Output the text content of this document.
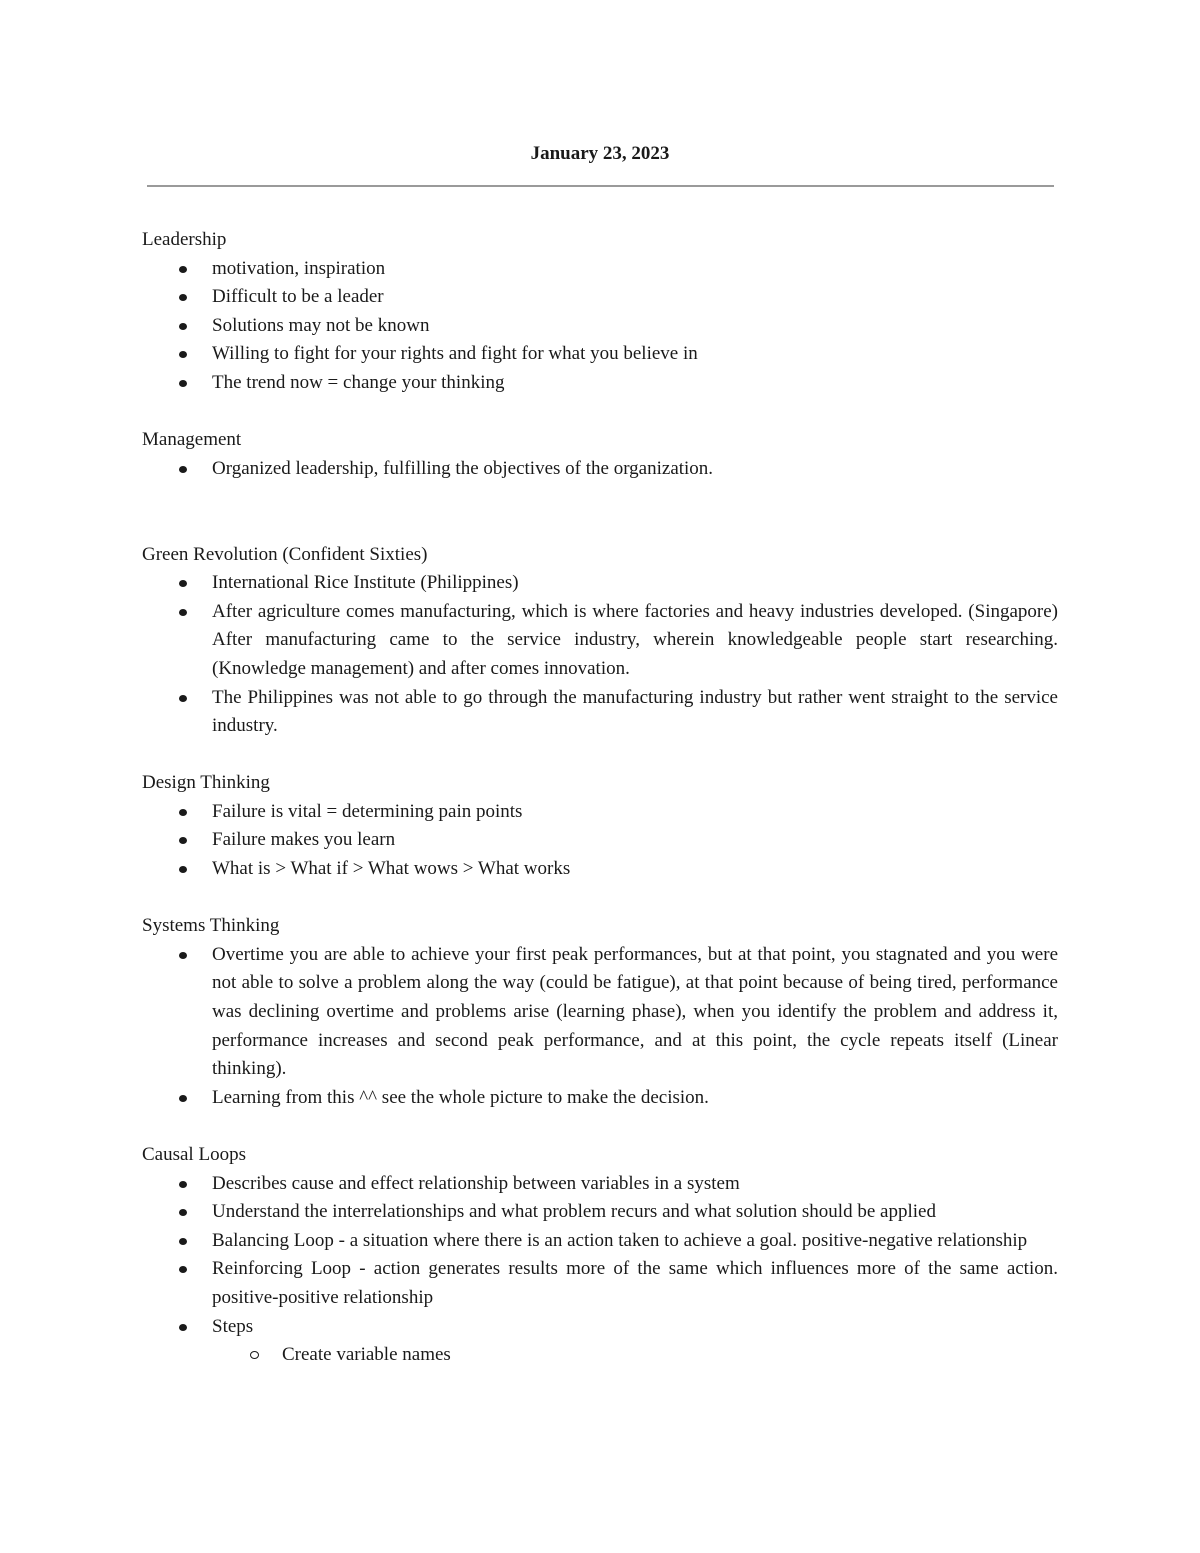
January 23, 2023

Leadership

motivation, inspiration
Difficult to be a leader
Solutions may not be known
Willing to fight for your rights and fight for what you believe in
The trend now = change your thinking

Management

Organized leadership, fulfilling the objectives of the organization.

Green Revolution (Confident Sixties)

International Rice Institute (Philippines)
After agriculture comes manufacturing, which is where factories and heavy industries developed. (Singapore) After manufacturing came to the service industry, wherein knowledgeable people start researching. (Knowledge management) and after comes innovation.
The Philippines was not able to go through the manufacturing industry but rather went straight to the service industry.

Design Thinking

Failure is vital = determining pain points
Failure makes you learn
What is > What if > What wows > What works

Systems Thinking

Overtime you are able to achieve your first peak performances, but at that point, you stagnated and you were not able to solve a problem along the way (could be fatigue), at that point because of being tired, performance was declining overtime and problems arise (learning phase), when you identify the problem and address it, performance increases and second peak performance, and at this point, the cycle repeats itself (Linear thinking).
Learning from this ^^ see the whole picture to make the decision.

Causal Loops

Describes cause and effect relationship between variables in a system
Understand the interrelationships and what problem recurs and what solution should be applied
Balancing Loop - a situation where there is an action taken to achieve a goal. positive-negative relationship
Reinforcing Loop - action generates results more of the same which influences more of the same action. positive-positive relationship
Steps
Create variable names
